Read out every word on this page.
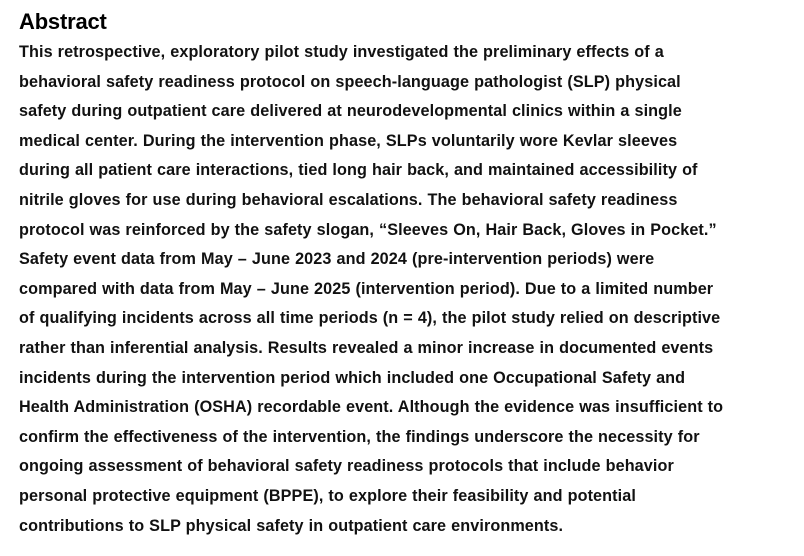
Abstract

This retrospective, exploratory pilot study investigated the preliminary effects of a
behavioral safety readiness protocol on speech-language pathologist (SLP) physical
safety during outpatient care delivered at neurodevelopmental clinics within a single
medical center. During the intervention phase, SLPs voluntarily wore Kevlar sleeves
during all patient care interactions, tied long hair back, and maintained accessibility of
nitrile gloves for use during behavioral escalations. The behavioral safety readiness
protocol was reinforced by the safety slogan, “Sleeves On, Hair Back, Gloves in Pocket.”
Safety event data from May – June 2023 and 2024 (pre-intervention periods) were
compared with data from May – June 2025 (intervention period). Due to a limited number
of qualifying incidents across all time periods (n = 4), the pilot study relied on descriptive
rather than inferential analysis. Results revealed a minor increase in documented events
incidents during the intervention period which included one Occupational Safety and
Health Administration (OSHA) recordable event. Although the evidence was insufficient to
confirm the effectiveness of the intervention, the findings underscore the necessity for
ongoing assessment of behavioral safety readiness protocols that include behavior
personal protective equipment (BPPE), to explore their feasibility and potential
contributions to SLP physical safety in outpatient care environments.
